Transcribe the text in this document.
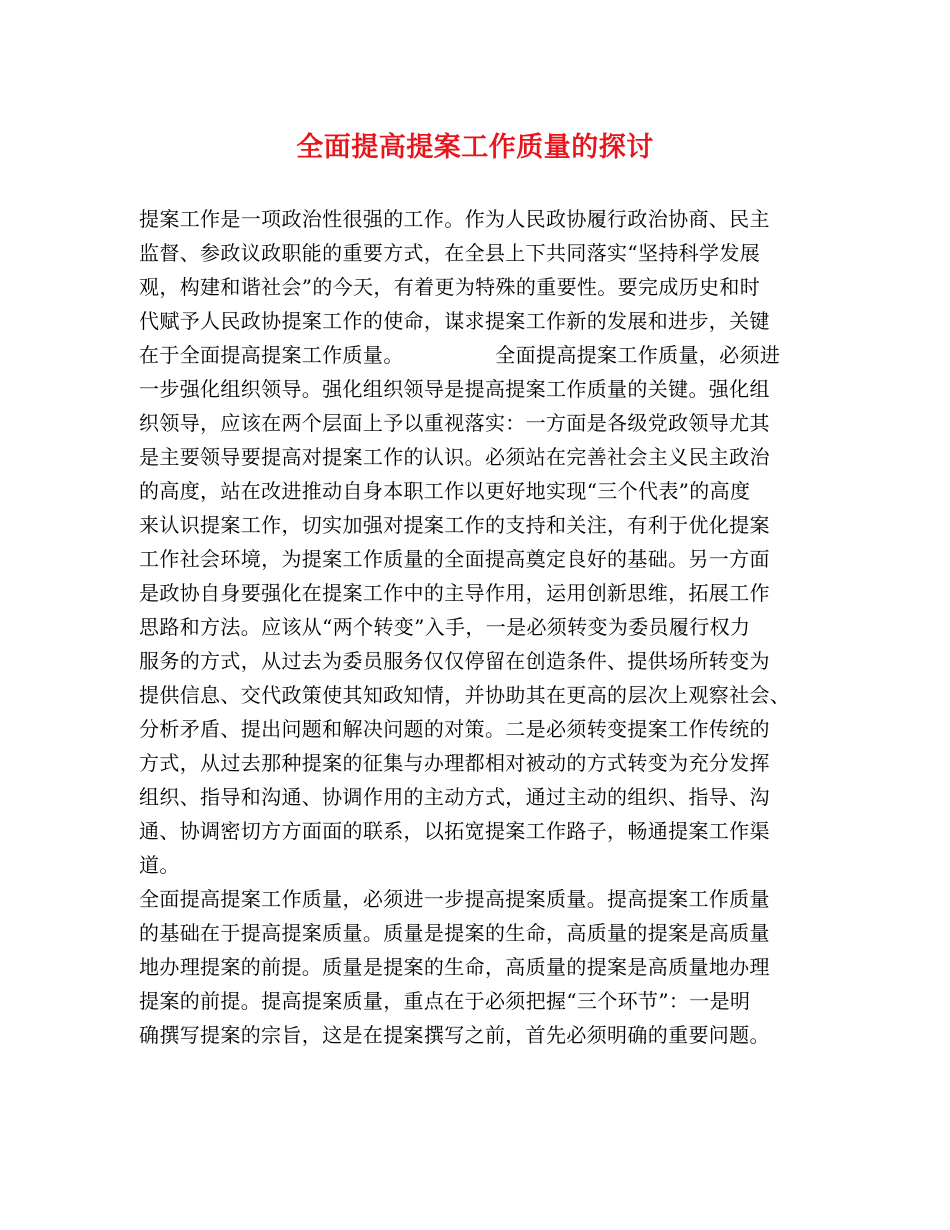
全面提高提案工作质量的探讨
提案工作是一项政治性很强的工作。作为人民政协履行政治协商、民主
监督、参政议政职能的重要方式，在全县上下共同落实“坚持科学发展
观，构建和谐社会”的今天，有着更为特殊的重要性。要完成历史和时
代赋予人民政协提案工作的使命，谋求提案工作新的发展和进步，关键
在于全面提高提案工作质量。　　　　　全面提高提案工作质量，必须进
一步强化组织领导。强化组织领导是提高提案工作质量的关键。强化组
织领导，应该在两个层面上予以重视落实：一方面是各级党政领导尤其
是主要领导要提高对提案工作的认识。必须站在完善社会主义民主政治
的高度，站在改进推动自身本职工作以更好地实现“三个代表”的高度
来认识提案工作，切实加强对提案工作的支持和关注，有利于优化提案
工作社会环境，为提案工作质量的全面提高奠定良好的基础。另一方面
是政协自身要强化在提案工作中的主导作用，运用创新思维，拓展工作
思路和方法。应该从“两个转变”入手，一是必须转变为委员履行权力
服务的方式，从过去为委员服务仅仅停留在创造条件、提供场所转变为
提供信息、交代政策使其知政知情，并协助其在更高的层次上观察社会、
分析矛盾、提出问题和解决问题的对策。二是必须转变提案工作传统的
方式，从过去那种提案的征集与办理都相对被动的方式转变为充分发挥
组织、指导和沟通、协调作用的主动方式，通过主动的组织、指导、沟
通、协调密切方方面面的联系，以拓宽提案工作路子，畅通提案工作渠
道。
全面提高提案工作质量，必须进一步提高提案质量。提高提案工作质量
的基础在于提高提案质量。质量是提案的生命，高质量的提案是高质量
地办理提案的前提。质量是提案的生命，高质量的提案是高质量地办理
提案的前提。提高提案质量，重点在于必须把握“三个环节”：一是明
确撰写提案的宗旨，这是在提案撰写之前，首先必须明确的重要问题。
